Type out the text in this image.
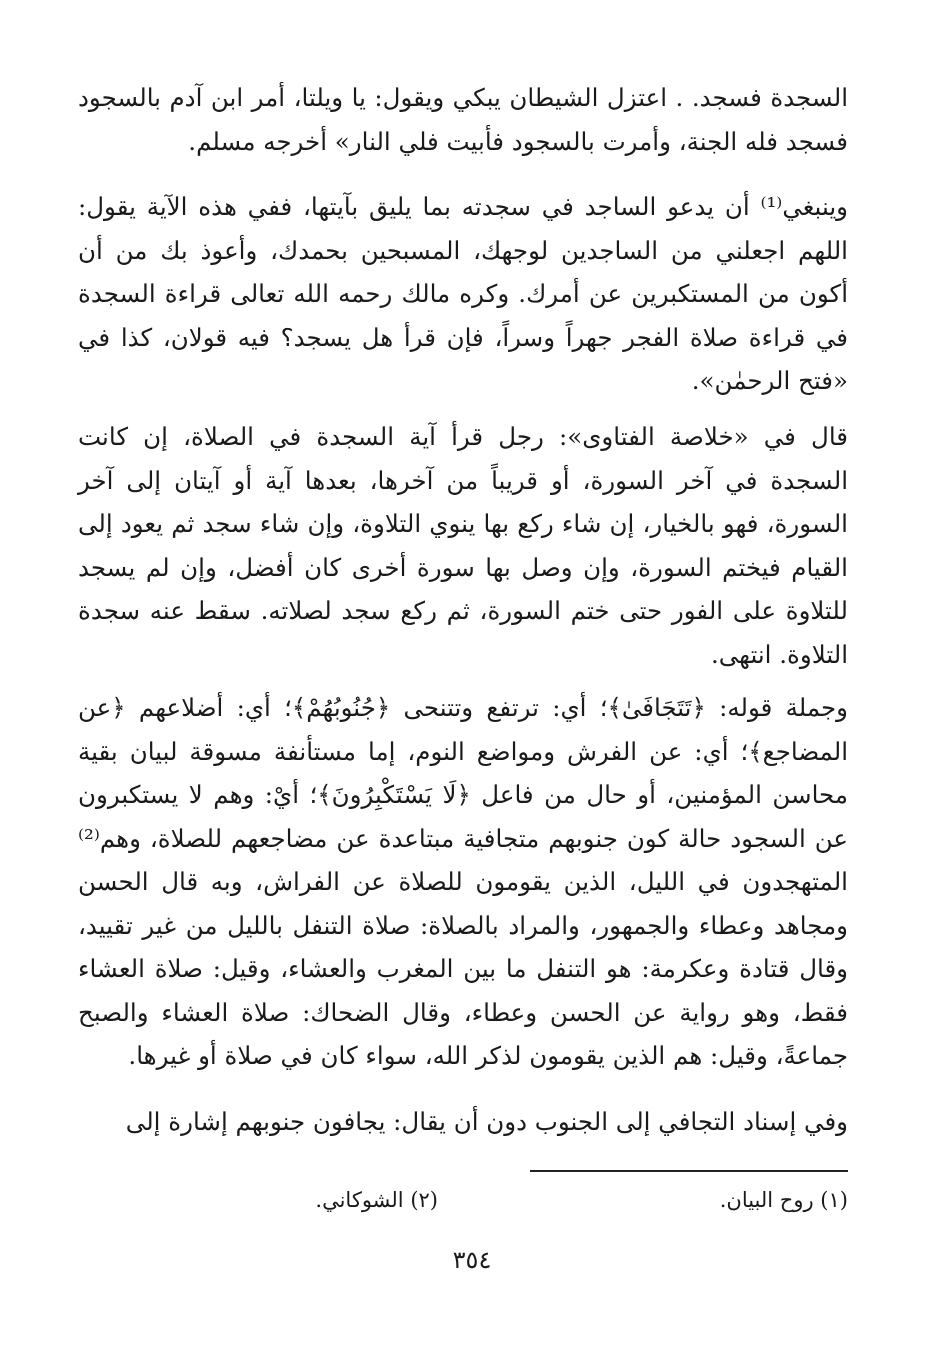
السجدة فسجد. . اعتزل الشيطان يبكي ويقول: يا ويلتا، أمر ابن آدم بالسجود فسجد فله الجنة، وأمرت بالسجود فأبيت فلي النار» أخرجه مسلم.

وينبغي⁽¹⁾ أن يدعو الساجد في سجدته بما يليق بآيتها، ففي هذه الآية يقول: اللهم اجعلني من الساجدين لوجهك، المسبحين بحمدك، وأعوذ بك من أن أكون من المستكبرين عن أمرك. وكره مالك رحمه الله تعالى قراءة السجدة في قراءة صلاة الفجر جهراً وسراً، فإن قرأ هل يسجد؟ فيه قولان، كذا في «فتح الرحمٰن».

قال في «خلاصة الفتاوى»: رجل قرأ آية السجدة في الصلاة، إن كانت السجدة في آخر السورة، أو قريباً من آخرها، بعدها آية أو آيتان إلى آخر السورة، فهو بالخيار، إن شاء ركع بها ينوي التلاوة، وإن شاء سجد ثم يعود إلى القيام فيختم السورة، وإن وصل بها سورة أخرى كان أفضل، وإن لم يسجد للتلاوة على الفور حتى ختم السورة، ثم ركع سجد لصلاته. سقط عنه سجدة التلاوة. انتهى.

وجملة قوله: ﴿تَتَجَافَىٰ﴾؛ أي: ترتفع وتتنحى ﴿جُنُوبُهُمْ﴾؛ أي: أضلاعهم ﴿عن المضاجع﴾؛ أي: عن الفرش ومواضع النوم، إما مستأنفة مسوقة لبيان بقية محاسن المؤمنين، أو حال من فاعل ﴿لَا يَسْتَكْبِرُونَ﴾؛ أيْ: وهم لا يستكبرون عن السجود حالة كون جنوبهم متجافية مبتاعدة عن مضاجعهم للصلاة، وهم⁽²⁾ المتهجدون في الليل، الذين يقومون للصلاة عن الفراش، وبه قال الحسن ومجاهد وعطاء والجمهور، والمراد بالصلاة: صلاة التنفل بالليل من غير تقييد، وقال قتادة وعكرمة: هو التنفل ما بين المغرب والعشاء، وقيل: صلاة العشاء فقط، وهو رواية عن الحسن وعطاء، وقال الضحاك: صلاة العشاء والصبح جماعةً، وقيل: هم الذين يقومون لذكر الله، سواء كان في صلاة أو غيرها.

وفي إسناد التجافي إلى الجنوب دون أن يقال: يجافون جنوبهم إشارة إلى

(١) روح البيان.
(٢) الشوكاني.
٣٥٤
